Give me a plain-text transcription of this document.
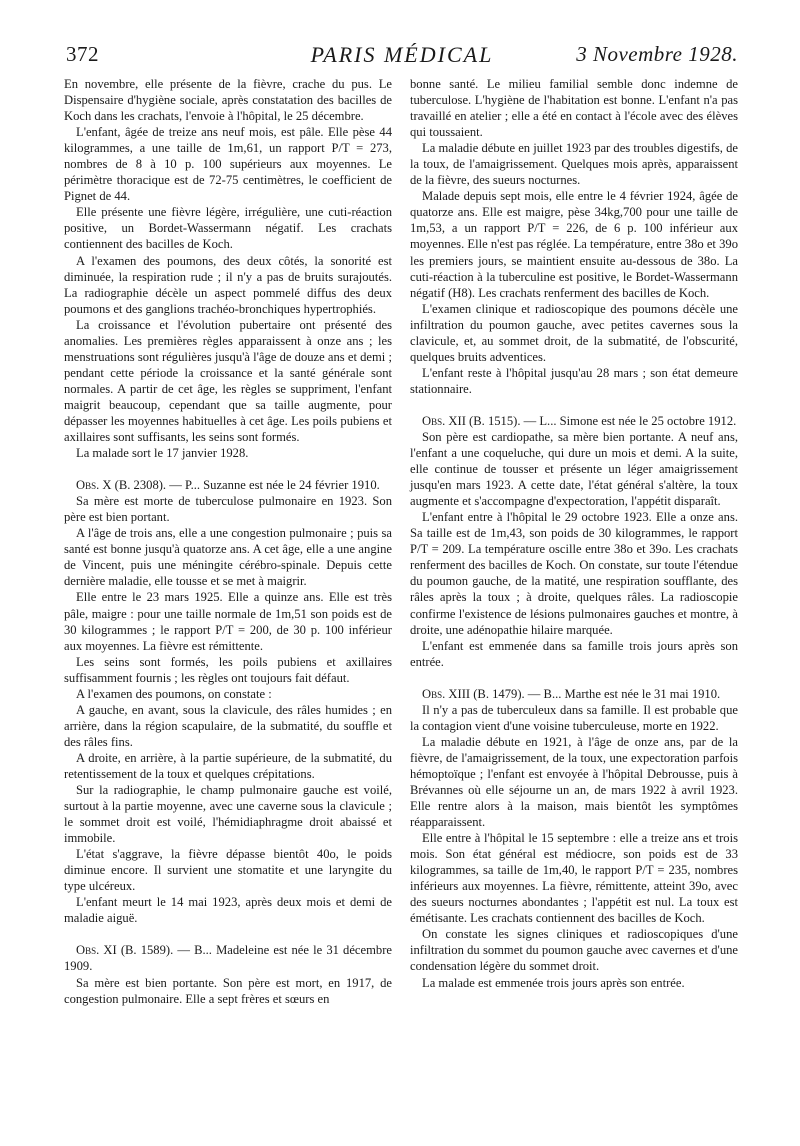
372	PARIS MÉDICAL	3 Novembre 1928.

En novembre, elle présente de la fièvre, crache du pus. Le Dispensaire d'hygiène sociale, après constatation des bacilles de Koch dans les crachats, l'envoie à l'hôpital, le 25 décembre.

L'enfant, âgée de treize ans neuf mois, est pâle. Elle pèse 44 kilogrammes, a une taille de 1m,61, un rapport P/T = 273, nombres de 8 à 10 p. 100 supérieurs aux moyennes. Le périmètre thoracique est de 72-75 centimètres, le coefficient de Pignet de 44.

Elle présente une fièvre légère, irrégulière, une cuti-réaction positive, un Bordet-Wassermann négatif. Les crachats contiennent des bacilles de Koch.

A l'examen des poumons, des deux côtés, la sonorité est diminuée, la respiration rude ; il n'y a pas de bruits surajoutés. La radiographie décèle un aspect pommelé diffus des deux poumons et des ganglions trachéo-bronchiques hypertrophiés.

La croissance et l'évolution pubertaire ont présenté des anomalies. Les premières règles apparaissent à onze ans ; les menstruations sont régulières jusqu'à l'âge de douze ans et demi ; pendant cette période la croissance et la santé générale sont normales. A partir de cet âge, les règles se suppriment, l'enfant maigrit beaucoup, cependant que sa taille augmente, pour dépasser les moyennes habituelles à cet âge. Les poils pubiens et axillaires sont suffisants, les seins sont formés.

La malade sort le 17 janvier 1928.

Obs. X (B. 2308). — P... Suzanne est née le 24 février 1910.

Sa mère est morte de tuberculose pulmonaire en 1923. Son père est bien portant.

A l'âge de trois ans, elle a une congestion pulmonaire ; puis sa santé est bonne jusqu'à quatorze ans. A cet âge, elle a une angine de Vincent, puis une méningite cérébro-spinale. Depuis cette dernière maladie, elle tousse et se met à maigrir.

Elle entre le 23 mars 1925. Elle a quinze ans. Elle est très pâle, maigre : pour une taille normale de 1m,51 son poids est de 30 kilogrammes ; le rapport P/T = 200, de 30 p. 100 inférieur aux moyennes. La fièvre est rémittente.

Les seins sont formés, les poils pubiens et axillaires suffisamment fournis ; les règles ont toujours fait défaut.

A l'examen des poumons, on constate :

A gauche, en avant, sous la clavicule, des râles humides ; en arrière, dans la région scapulaire, de la submatité, du souffle et des râles fins.

A droite, en arrière, à la partie supérieure, de la submatité, du retentissement de la toux et quelques crépitations.

Sur la radiographie, le champ pulmonaire gauche est voilé, surtout à la partie moyenne, avec une caverne sous la clavicule ; le sommet droit est voilé, l'hémidiaphragme droit abaissé et immobile.

L'état s'aggrave, la fièvre dépasse bientôt 40o, le poids diminue encore. Il survient une stomatite et une laryngite du type ulcéreux.

L'enfant meurt le 14 mai 1923, après deux mois et demi de maladie aiguë.

Obs. XI (B. 1589). — B... Madeleine est née le 31 décembre 1909.

Sa mère est bien portante. Son père est mort, en 1917, de congestion pulmonaire. Elle a sept frères et sœurs en

bonne santé. Le milieu familial semble donc indemne de tuberculose. L'hygiène de l'habitation est bonne. L'enfant n'a pas travaillé en atelier ; elle a été en contact à l'école avec des élèves qui toussaient.

La maladie débute en juillet 1923 par des troubles digestifs, de la toux, de l'amaigrissement. Quelques mois après, apparaissent de la fièvre, des sueurs nocturnes.

Malade depuis sept mois, elle entre le 4 février 1924, âgée de quatorze ans. Elle est maigre, pèse 34kg,700 pour une taille de 1m,53, a un rapport P/T = 226, de 6 p. 100 inférieur aux moyennes. Elle n'est pas réglée. La température, entre 38o et 39o les premiers jours, se maintient ensuite au-dessous de 38o. La cuti-réaction à la tuberculine est positive, le Bordet-Wassermann négatif (H8). Les crachats renferment des bacilles de Koch.

L'examen clinique et radioscopique des poumons décèle une infiltration du poumon gauche, avec petites cavernes sous la clavicule, et, au sommet droit, de la submatité, de l'obscurité, quelques bruits adventices.

L'enfant reste à l'hôpital jusqu'au 28 mars ; son état demeure stationnaire.

Obs. XII (B. 1515). — L... Simone est née le 25 octobre 1912.

Son père est cardiopathe, sa mère bien portante. A neuf ans, l'enfant a une coqueluche, qui dure un mois et demi. A la suite, elle continue de tousser et présente un léger amaigrissement jusqu'en mars 1923. A cette date, l'état général s'altère, la toux augmente et s'accompagne d'expectoration, l'appétit disparaît.

L'enfant entre à l'hôpital le 29 octobre 1923. Elle a onze ans. Sa taille est de 1m,43, son poids de 30 kilogrammes, le rapport P/T = 209. La température oscille entre 38o et 39o. Les crachats renferment des bacilles de Koch. On constate, sur toute l'étendue du poumon gauche, de la matité, une respiration soufflante, des râles après la toux ; à droite, quelques râles. La radioscopie confirme l'existence de lésions pulmonaires gauches et montre, à droite, une adénopathie hilaire marquée.

L'enfant est emmenée dans sa famille trois jours après son entrée.

Obs. XIII (B. 1479). — B... Marthe est née le 31 mai 1910.

Il n'y a pas de tuberculeux dans sa famille. Il est probable que la contagion vient d'une voisine tuberculeuse, morte en 1922.

La maladie débute en 1921, à l'âge de onze ans, par de la fièvre, de l'amaigrissement, de la toux, une expectoration parfois hémoptoïque ; l'enfant est envoyée à l'hôpital Debrousse, puis à Brévannes où elle séjourne un an, de mars 1922 à avril 1923. Elle rentre alors à la maison, mais bientôt les symptômes réapparaissent.

Elle entre à l'hôpital le 15 septembre : elle a treize ans et trois mois. Son état général est médiocre, son poids est de 33 kilogrammes, sa taille de 1m,40, le rapport P/T = 235, nombres inférieurs aux moyennes. La fièvre, rémittente, atteint 39o, avec des sueurs nocturnes abondantes ; l'appétit est nul. La toux est émétisante. Les crachats contiennent des bacilles de Koch.

On constate les signes cliniques et radioscopiques d'une infiltration du sommet du poumon gauche avec cavernes et d'une condensation légère du sommet droit.

La malade est emmenée trois jours après son entrée.
